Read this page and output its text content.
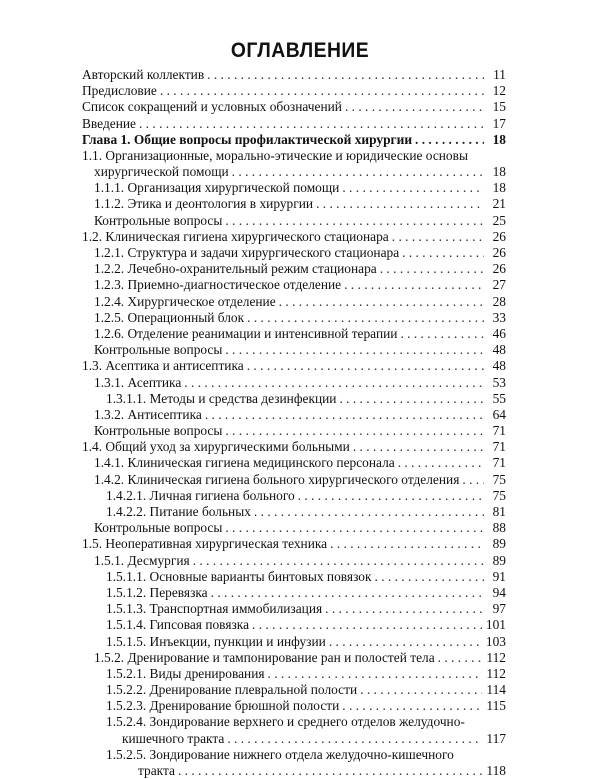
ОГЛАВЛЕНИЕ
Авторский коллектив . . .	11
Предисловие . . .	12
Список сокращений и условных обозначений . . .	15
Введение . . .	17
Глава 1. Общие вопросы профилактической хирургии . . .	18
1.1. Организационные, морально-этические и юридические основы
хирургической помощи . . .	18
1.1.1. Организация хирургической помощи . . .	18
1.1.2. Этика и деонтология в хирургии . . .	21
Контрольные вопросы . . .	25
1.2. Клиническая гигиена хирургического стационара . . .	26
1.2.1. Структура и задачи хирургического стационара . . .	26
1.2.2. Лечебно-охранительный режим стационара . . .	26
1.2.3. Приемно-диагностическое отделение . . .	27
1.2.4. Хирургическое отделение . . .	28
1.2.5. Операционный блок . . .	33
1.2.6. Отделение реанимации и интенсивной терапии . . .	46
Контрольные вопросы . . .	48
1.3. Асептика и антисептика . . .	48
1.3.1. Асептика . . .	53
1.3.1.1. Методы и средства дезинфекции . . .	55
1.3.2. Антисептика . . .	64
Контрольные вопросы . . .	71
1.4. Общий уход за хирургическими больными . . .	71
1.4.1. Клиническая гигиена медицинского персонала . . .	71
1.4.2. Клиническая гигиена больного хирургического отделения . . .	75
1.4.2.1. Личная гигиена больного . . .	75
1.4.2.2. Питание больных . . .	81
Контрольные вопросы . . .	88
1.5. Неоперативная хирургическая техника . . .	89
1.5.1. Десмургия . . .	89
1.5.1.1. Основные варианты бинтовых повязок . . .	91
1.5.1.2. Перевязка . . .	94
1.5.1.3. Транспортная иммобилизация . . .	97
1.5.1.4. Гипсовая повязка . . .	101
1.5.1.5. Инъекции, пункции и инфузии . . .	103
1.5.2. Дренирование и тампонирование ран и полостей тела . . .	112
1.5.2.1. Виды дренирования . . .	112
1.5.2.2. Дренирование плевральной полости . . .	114
1.5.2.3. Дренирование брюшной полости . . .	115
1.5.2.4. Зондирование верхнего и среднего отделов желудочно-
кишечного тракта . . .	117
1.5.2.5. Зондирование нижнего отдела желудочно-кишечного
тракта . . .	118
